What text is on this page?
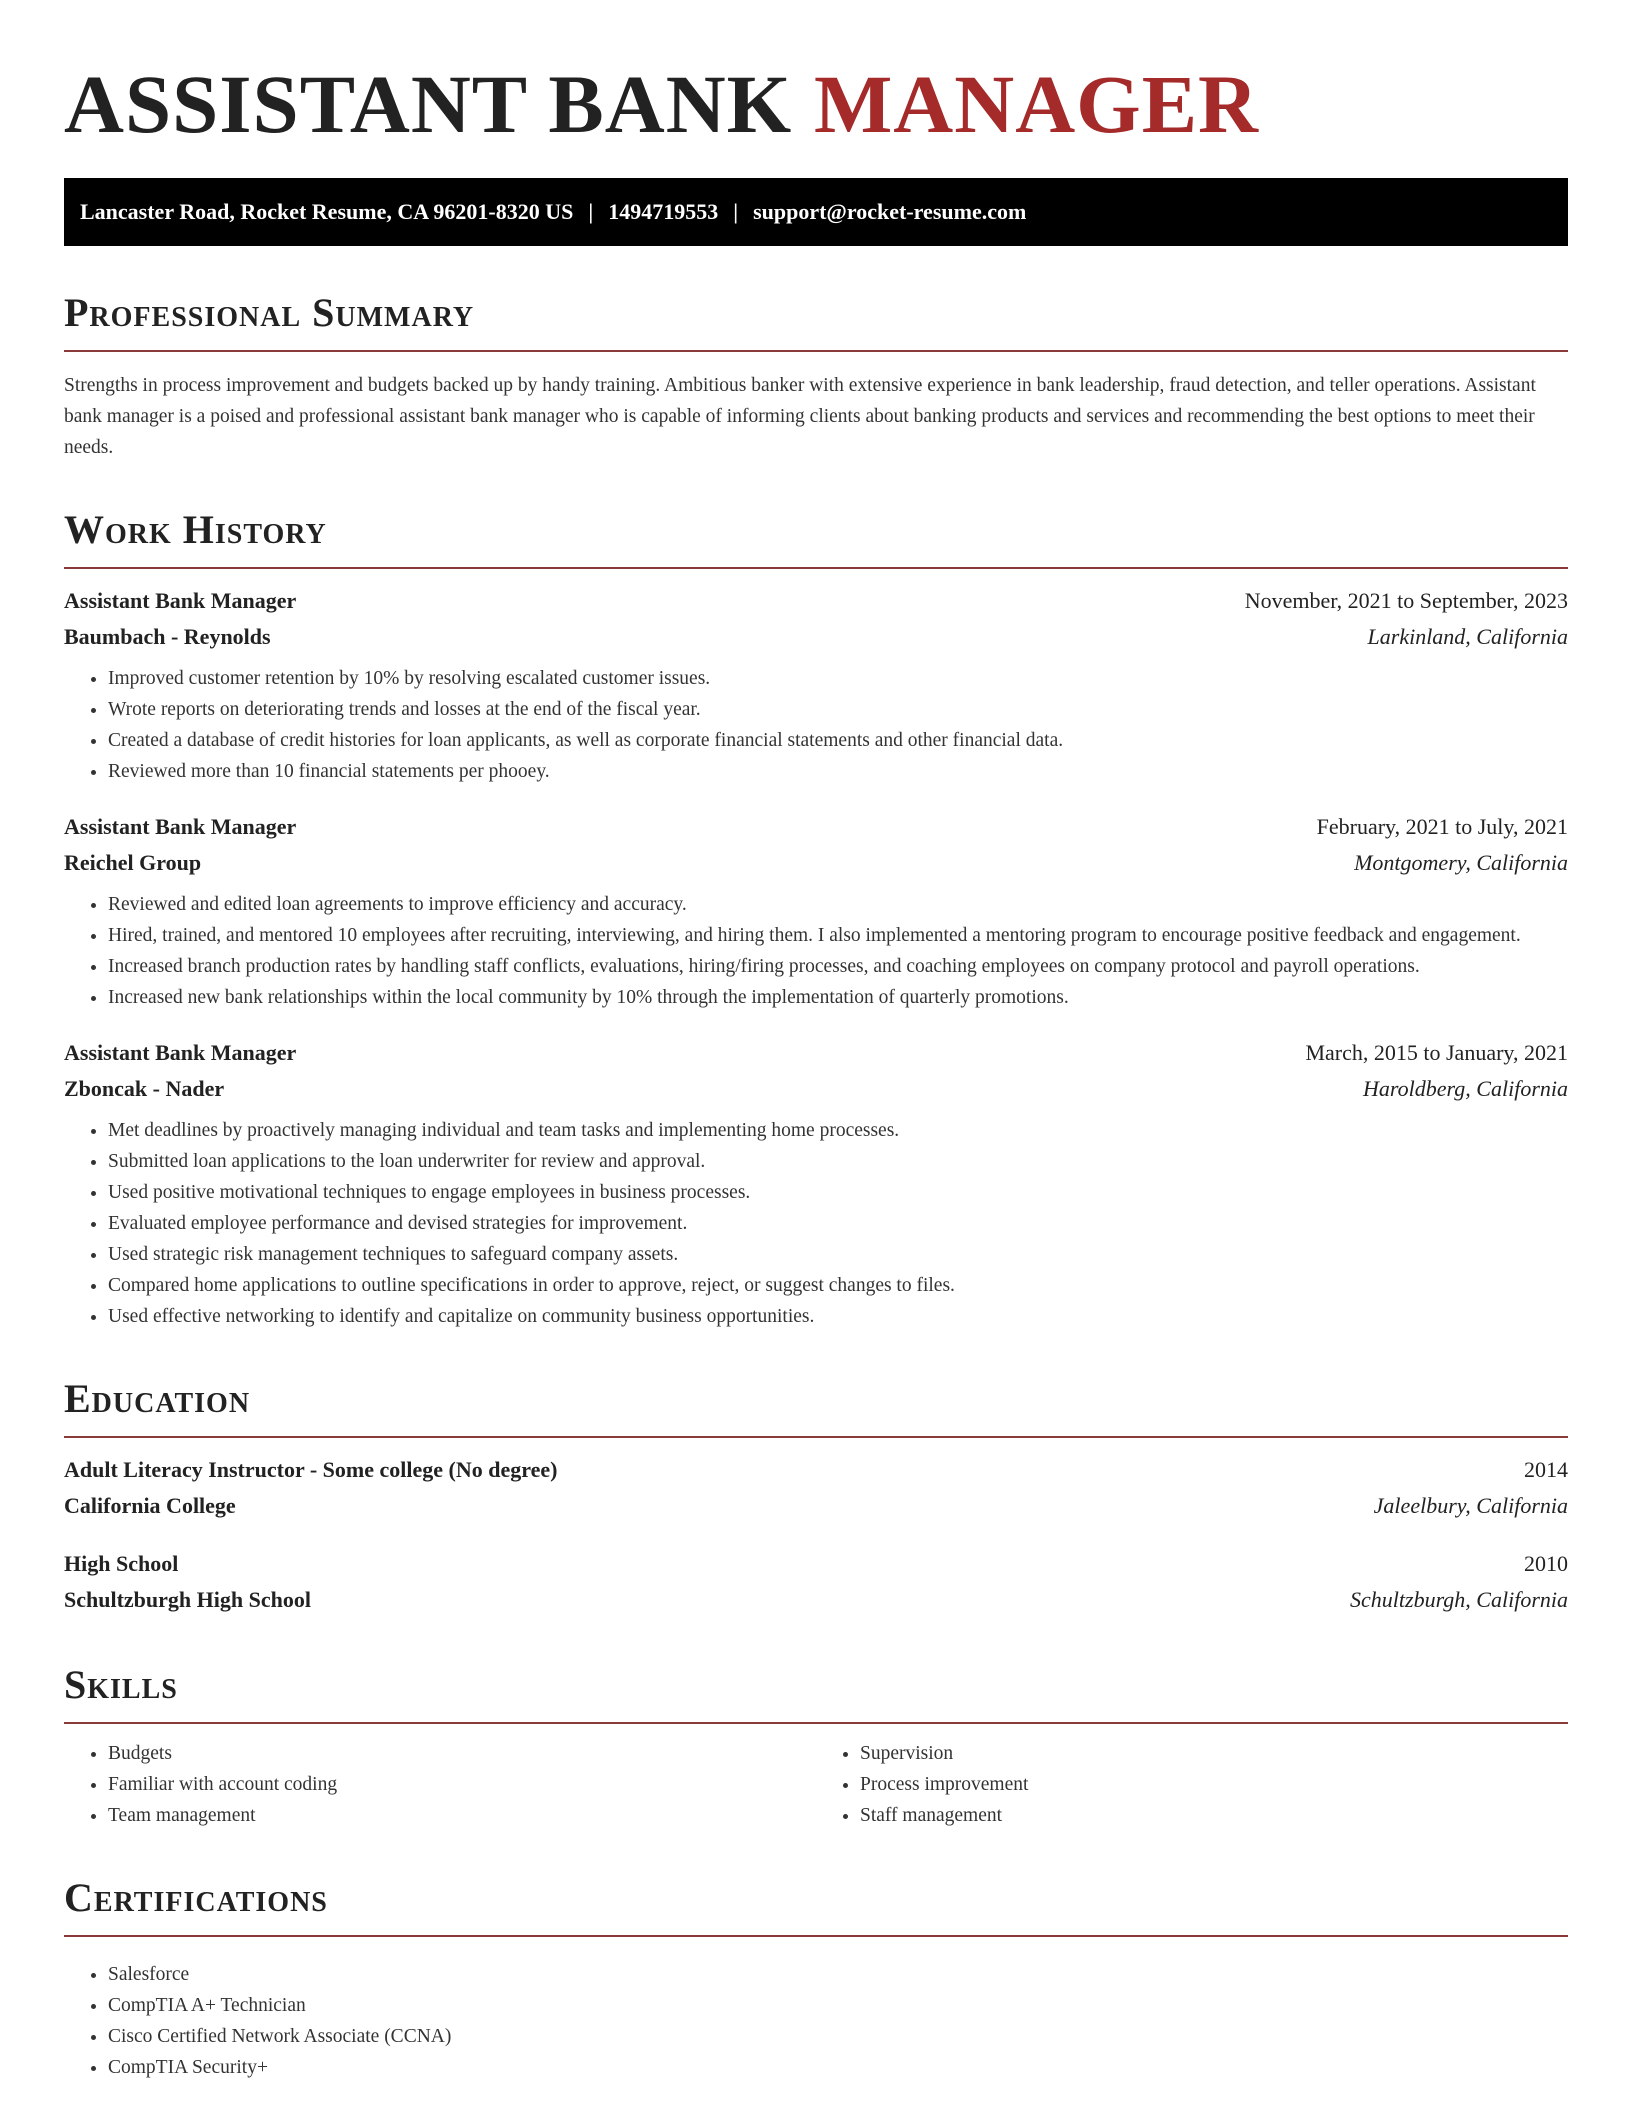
ASSISTANT BANK MANAGER
Lancaster Road, Rocket Resume, CA 96201-8320 US | 1494719553 | support@rocket-resume.com
Professional Summary

Strengths in process improvement and budgets backed up by handy training. Ambitious banker with extensive experience in bank leadership, fraud detection, and teller operations. Assistant bank manager is a poised and professional assistant bank manager who is capable of informing clients about banking products and services and recommending the best options to meet their needs.

Work History
Assistant Bank Manager	November, 2021 to September, 2023
Baumbach - Reynolds	Larkinland, California
• Improved customer retention by 10% by resolving escalated customer issues.
• Wrote reports on deteriorating trends and losses at the end of the fiscal year.
• Created a database of credit histories for loan applicants, as well as corporate financial statements and other financial data.
• Reviewed more than 10 financial statements per phooey.
Assistant Bank Manager	February, 2021 to July, 2021
Reichel Group	Montgomery, California
• Reviewed and edited loan agreements to improve efficiency and accuracy.
• Hired, trained, and mentored 10 employees after recruiting, interviewing, and hiring them. I also implemented a mentoring program to encourage positive feedback and engagement.
• Increased branch production rates by handling staff conflicts, evaluations, hiring/firing processes, and coaching employees on company protocol and payroll operations.
• Increased new bank relationships within the local community by 10% through the implementation of quarterly promotions.
Assistant Bank Manager	March, 2015 to January, 2021
Zboncak - Nader	Haroldberg, California
• Met deadlines by proactively managing individual and team tasks and implementing home processes.
• Submitted loan applications to the loan underwriter for review and approval.
• Used positive motivational techniques to engage employees in business processes.
• Evaluated employee performance and devised strategies for improvement.
• Used strategic risk management techniques to safeguard company assets.
• Compared home applications to outline specifications in order to approve, reject, or suggest changes to files.
• Used effective networking to identify and capitalize on community business opportunities.
Education
Adult Literacy Instructor - Some college (No degree)	2014
California College	Jaleelbury, California
High School	2010
Schultzburgh High School	Schultzburgh, California
Skills
• Budgets
• Familiar with account coding
• Team management
• Supervision
• Process improvement
• Staff management
Certifications
• Salesforce
• CompTIA A+ Technician
• Cisco Certified Network Associate (CCNA)
• CompTIA Security+
